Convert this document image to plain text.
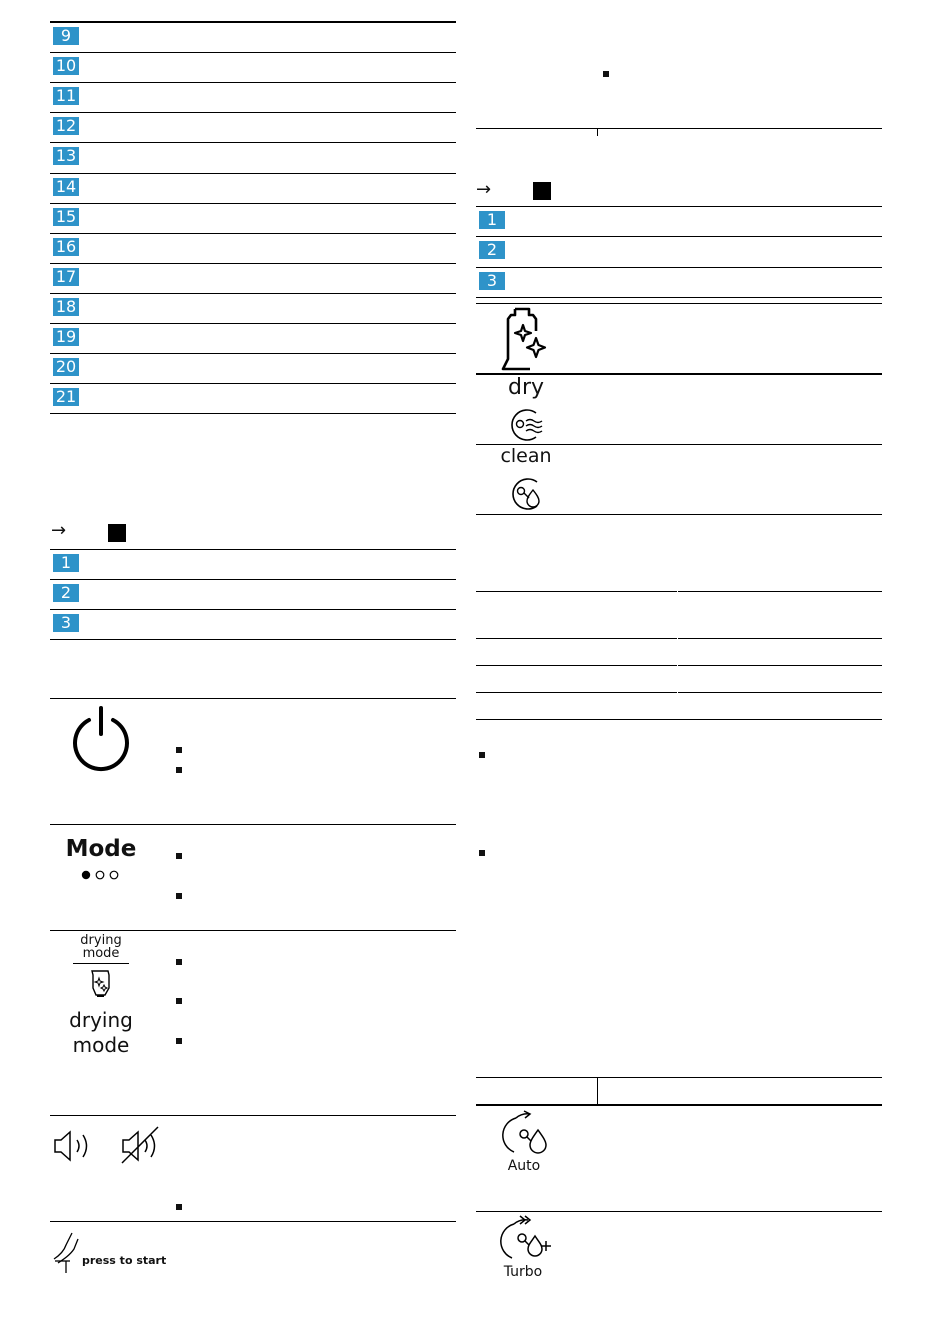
9
10
11
12
13
14
15
16
17
18
19
20
21
→
1
2
3
Mode
drying
mode
drying
mode
press to start
→
1
2
3
dry
clean
Auto
Turbo
